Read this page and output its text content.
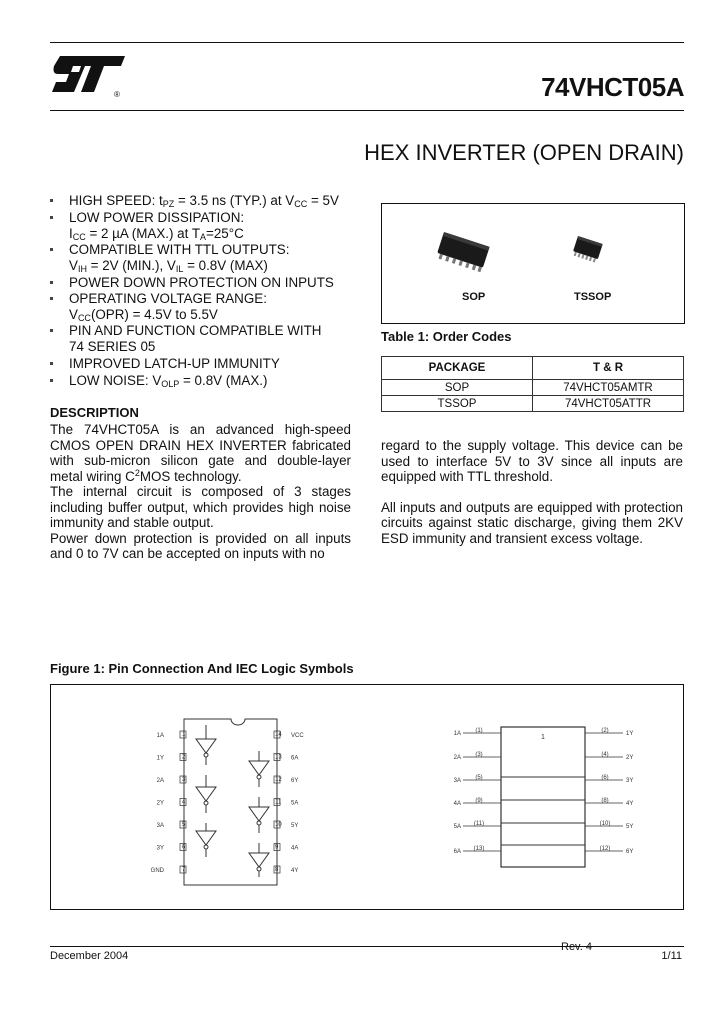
®	74VHCT05A
HEX INVERTER (OPEN DRAIN)
HIGH SPEED: $t_{PZ} = 3.5$ ns (TYP.) at $V_{CC} = 5V$
LOW POWER DISSIPATION:
$I_{CC} = 2$ µA (MAX.) at $T_A=25^\circ C$
COMPATIBLE WITH TTL OUTPUTS:
$V_{IH} = 2V$ (MIN.), $V_{IL} = 0.8V$ (MAX)
POWER DOWN PROTECTION ON INPUTS
OPERATING VOLTAGE RANGE:
$V_{CC}(OPR) = 4.5V$ to 5.5V
PIN AND FUNCTION COMPATIBLE WITH
74 SERIES 05
IMPROVED LATCH-UP IMMUNITY
LOW NOISE: $V_{OLP} = 0.8V$ (MAX.)
DESCRIPTION
The 74VHCT05A is an advanced high-speed CMOS OPEN DRAIN HEX INVERTER fabricated with sub-micron silicon gate and double-layer metal wiring $C^2MOS$ technology.
The internal circuit is composed of 3 stages including buffer output, which provides high noise immunity and stable output.
Power down protection is provided on all inputs and 0 to 7V can be accepted on inputs with no
regard to the supply voltage. This device can be used to interface 5V to 3V since all inputs are equipped with TTL threshold.
All inputs and outputs are equipped with protection circuits against static discharge, giving them 2KV ESD immunity and transient excess voltage.
SOP	TSSOP
Table 1: Order Codes
PACKAGE	T & R
SOP	74VHCT05AMTR
TSSOP	74VHCT05ATTR
Figure 1: Pin Connection And IEC Logic Symbols
1A	1
1Y	2
2A	3
2Y	4
3A	5
3Y	6
GND	7
14 VCC
13 6A
12 6Y
11 5A
10 5Y
9 4A
8 4Y
1
1A (1)
2A (3)
3A (5)
4A (9)
5A (11)
6A (13)
(2)	1Y
(4)	2Y
(6)	3Y
(8)	4Y
(10)	5Y
(12)	6Y
Rev. 4
December 2004	1/11
